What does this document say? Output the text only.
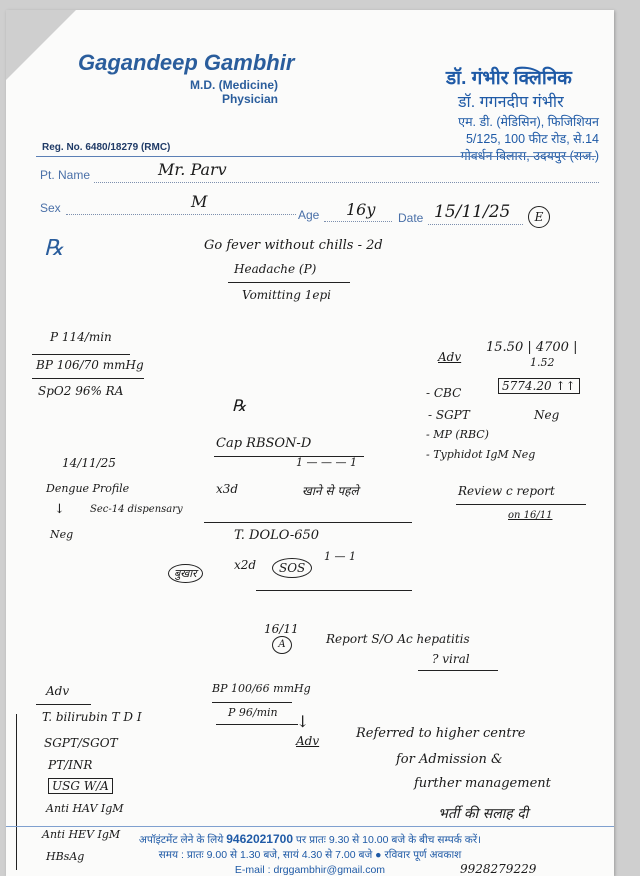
Gagandeep Gambhir
M.D. (Medicine)
Physician
डॉ. गंभीर क्लिनिक
डॉ. गगनदीप गंभीर
एम. डी. (मेडिसिन), फिजिशियन
5/125, 100 फीट रोड, से.14
गोवर्धन विलास, उदयपुर (राज.)
Reg. No. 6480/18279 (RMC)
Pt. Name	Mr. Parv
Sex	M
Age 16y Date 15/11/25	E
℞	Go fever without chills - 2d
Headache (P)
Vomitting 1epi
P 114/min
BP 106/70 mmHg
SpO2 96% RA
Adv
15.50 | 4700 |
1.52
- CBC	5774.20 ↑↑
- SGPT
- MP (RBC)
Neg
- Typhidot IgM Neg
℞
14/11/25
Dengue Profile
↓	Sec-14 dispensary
Neg
Cap RBSON-D
1 — — — 1
x3d	खाने से पहले	Review c report
on 16/11
T. DOLO-650
1 — 1
बुखार
x2d	SOS
16/11
A	Report S/O Ac hepatitis
? viral
Adv
T. bilirubin T D I
SGPT/SGOT
PT/INR
USG W/A
Anti HAV IgM
Anti HEV IgM
HBsAg
BP 100/66 mmHg
P 96/min ↓
Adv	Referred to higher centre
for Admission &
further management
भर्ती की सलाह दी
अपॉइंटमेंट लेने के लिये 9462021700 पर प्रातः 9.30 से 10.00 बजे के बीच सम्पर्क करें।
समय : प्रातः 9.00 से 1.30 बजे, सायं 4.30 से 7.00 बजे ● रविवार पूर्ण अवकाश
E-mail : drggambhir@gmail.com	9928279229
